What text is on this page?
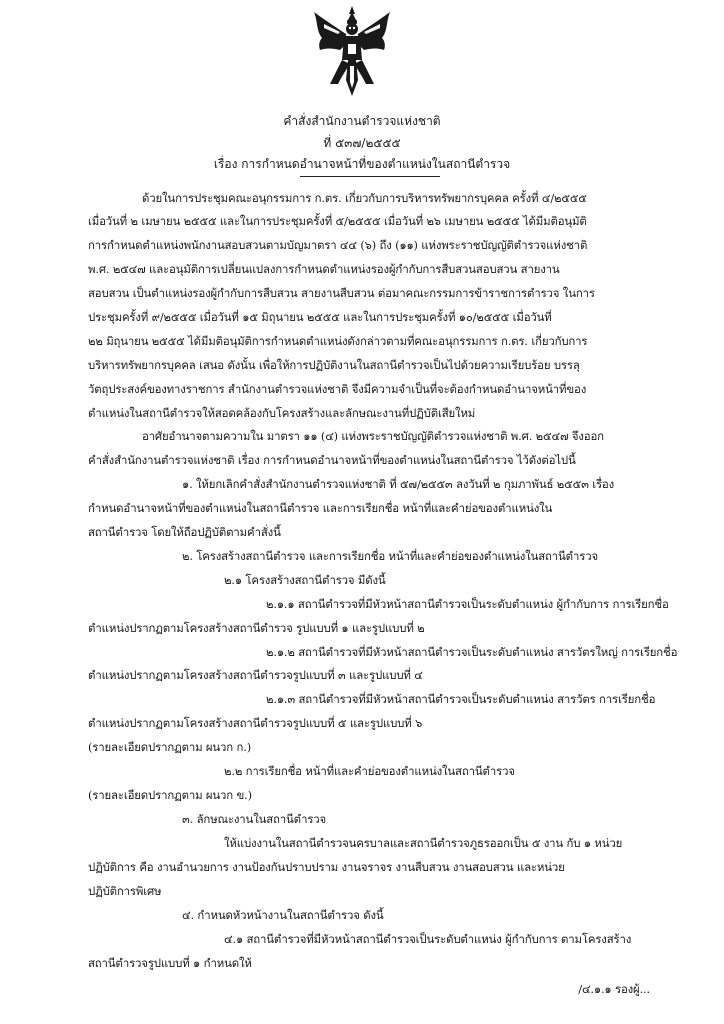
คำสั่งสำนักงานตำรวจแห่งชาติ
ที่ ๕๓๗/๒๕๕๕
เรื่อง การกำหนดอำนาจหน้าที่ของตำแหน่งในสถานีตำรวจ
ด้วยในการประชุมคณะอนุกรรมการ ก.ตร. เกี่ยวกับการบริหารทรัพยากรบุคคล ครั้งที่ ๔/๒๕๕๕
เมื่อวันที่ ๒ เมษายน ๒๕๕๕ และในการประชุมครั้งที่ ๕/๒๕๕๕ เมื่อวันที่ ๒๖ เมษายน ๒๕๕๕ ได้มีมติอนุมัติ
การกำหนดตำแหน่งพนักงานสอบสวนตามบัญมาตรา ๔๔ (๖) ถึง (๑๑) แห่งพระราชบัญญัติตำรวจแห่งชาติ
พ.ศ. ๒๕๔๗ และอนุมัติการเปลี่ยนแปลงการกำหนดตำแหน่งรองผู้กำกับการสืบสวนสอบสวน สายงาน
สอบสวน เป็นตำแหน่งรองผู้กำกับการสืบสวน สายงานสืบสวน ต่อมาคณะกรรมการข้าราชการตำรวจ ในการ
ประชุมครั้งที่ ๙/๒๕๕๕ เมื่อวันที่ ๑๕ มิถุนายน ๒๕๕๕ และในการประชุมครั้งที่ ๑๐/๒๕๕๕ เมื่อวันที่
๒๒ มิถุนายน ๒๕๕๕ ได้มีมติอนุมัติการกำหนดตำแหน่งดังกล่าวตามที่คณะอนุกรรมการ ก.ตร. เกี่ยวกับการ
บริหารทรัพยากรบุคคล เสนอ ดังนั้น เพื่อให้การปฏิบัติงานในสถานีตำรวจเป็นไปด้วยความเรียบร้อย บรรลุ
วัตถุประสงค์ของทางราชการ สำนักงานตำรวจแห่งชาติ จึงมีความจำเป็นที่จะต้องกำหนดอำนาจหน้าที่ของ
ตำแหน่งในสถานีตำรวจให้สอดคล้องกับโครงสร้างและลักษณะงานที่ปฏิบัติเสียใหม่
อาศัยอำนาจตามความใน มาตรา ๑๑ (๔) แห่งพระราชบัญญัติตำรวจแห่งชาติ พ.ศ. ๒๕๔๗ จึงออก
คำสั่งสำนักงานตำรวจแห่งชาติ เรื่อง การกำหนดอำนาจหน้าที่ของตำแหน่งในสถานีตำรวจ ไว้ดังต่อไปนี้
๑. ให้ยกเลิกคำสั่งสำนักงานตำรวจแห่งชาติ ที่ ๕๗/๒๕๕๓ ลงวันที่ ๒ กุมภาพันธ์ ๒๕๕๓ เรื่อง
กำหนดอำนาจหน้าที่ของตำแหน่งในสถานีตำรวจ และการเรียกชื่อ หน้าที่และคำย่อของตำแหน่งใน
สถานีตำรวจ โดยให้ถือปฏิบัติตามคำสั่งนี้
๒. โครงสร้างสถานีตำรวจ และการเรียกชื่อ หน้าที่และคำย่อของตำแหน่งในสถานีตำรวจ
๒.๑ โครงสร้างสถานีตำรวจ มีดังนี้
๒.๑.๑ สถานีตำรวจที่มีหัวหน้าสถานีตำรวจเป็นระดับตำแหน่ง ผู้กำกับการ การเรียกชื่อ
ตำแหน่งปรากฏตามโครงสร้างสถานีตำรวจ รูปแบบที่ ๑ และรูปแบบที่ ๒
๒.๑.๒ สถานีตำรวจที่มีหัวหน้าสถานีตำรวจเป็นระดับตำแหน่ง สารวัตรใหญ่ การเรียกชื่อ
ตำแหน่งปรากฏตามโครงสร้างสถานีตำรวจรูปแบบที่ ๓ และรูปแบบที่ ๔
๒.๑.๓ สถานีตำรวจที่มีหัวหน้าสถานีตำรวจเป็นระดับตำแหน่ง สารวัตร การเรียกชื่อ
ตำแหน่งปรากฏตามโครงสร้างสถานีตำรวจรูปแบบที่ ๕ และรูปแบบที่ ๖
(รายละเอียดปรากฏตาม ผนวก ก.)
๒.๒ การเรียกชื่อ หน้าที่และคำย่อของตำแหน่งในสถานีตำรวจ
(รายละเอียดปรากฏตาม ผนวก ข.)
๓. ลักษณะงานในสถานีตำรวจ
ให้แบ่งงานในสถานีตำรวจนครบาลและสถานีตำรวจภูธรออกเป็น ๕ งาน กับ ๑ หน่วย
ปฏิบัติการ คือ งานอำนวยการ งานป้องกันปราบปราม งานจราจร งานสืบสวน งานสอบสวน และหน่วย
ปฏิบัติการพิเศษ
๔. กำหนดหัวหน้างานในสถานีตำรวจ ดังนี้
๔.๑ สถานีตำรวจที่มีหัวหน้าสถานีตำรวจเป็นระดับตำแหน่ง ผู้กำกับการ ตามโครงสร้าง
สถานีตำรวจรูปแบบที่ ๑ กำหนดให้
/๔.๑.๑ รองผู้...
